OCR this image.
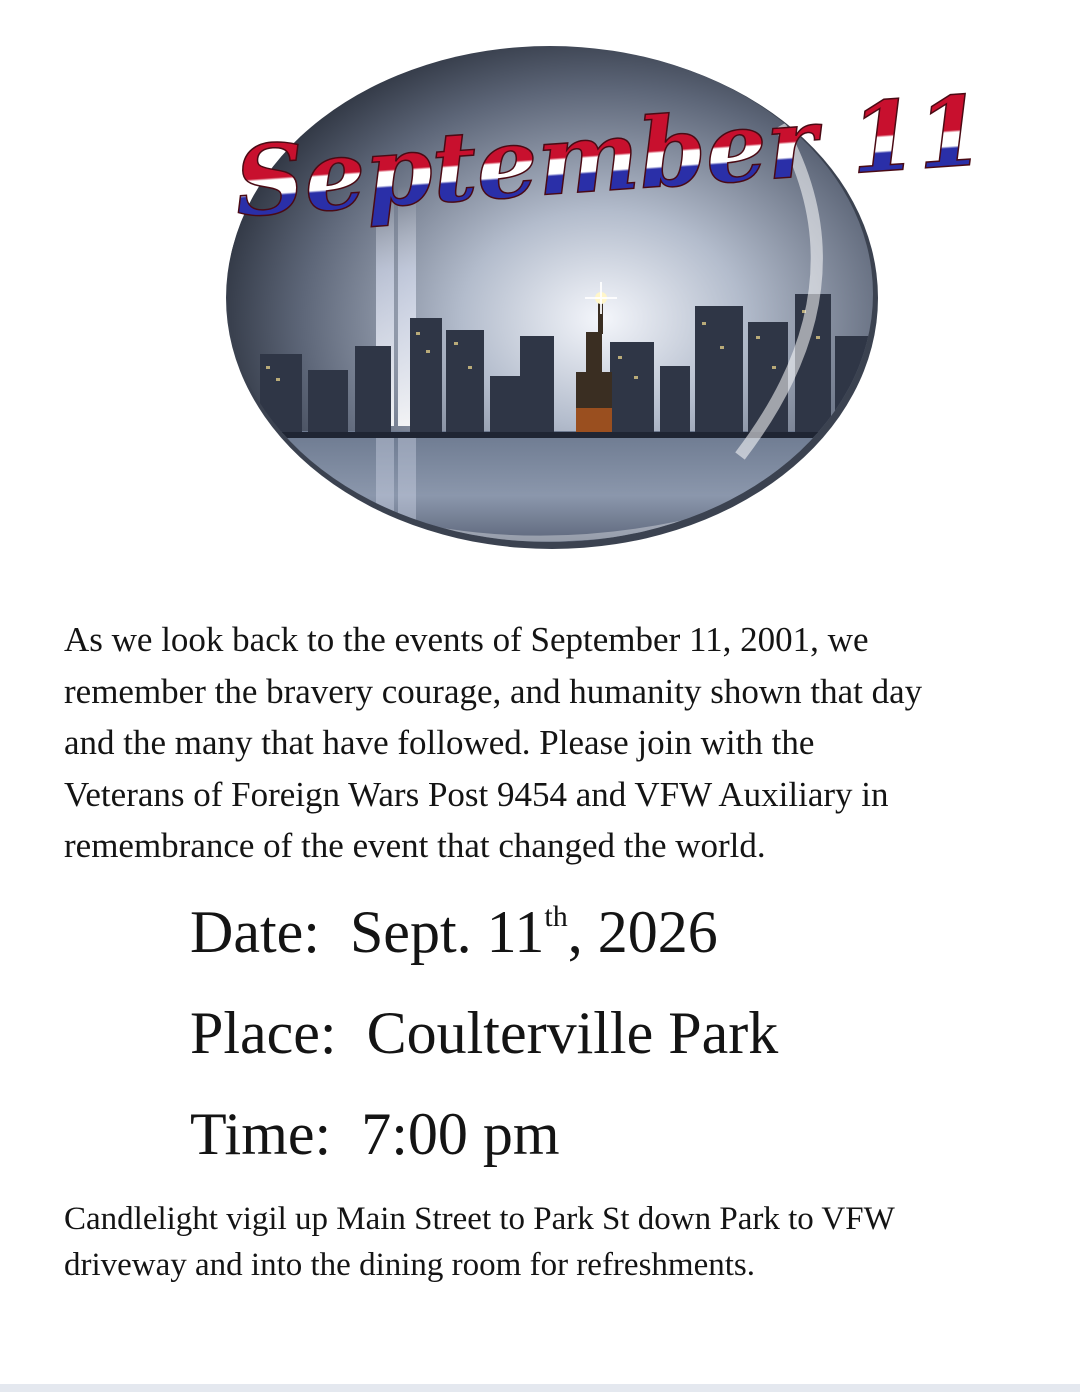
September 11
As we look back to the events of September 11, 2001, we
remember the bravery courage, and humanity shown that day
and the many that have followed. Please join with the
Veterans of Foreign Wars Post 9454 and VFW Auxiliary in
remembrance of the event that changed the world.
Date: Sept. 11th, 2026
Place: Coulterville Park
Time: 7:00 pm
Candlelight vigil up Main Street to Park St down Park to VFW
driveway and into the dining room for refreshments.
